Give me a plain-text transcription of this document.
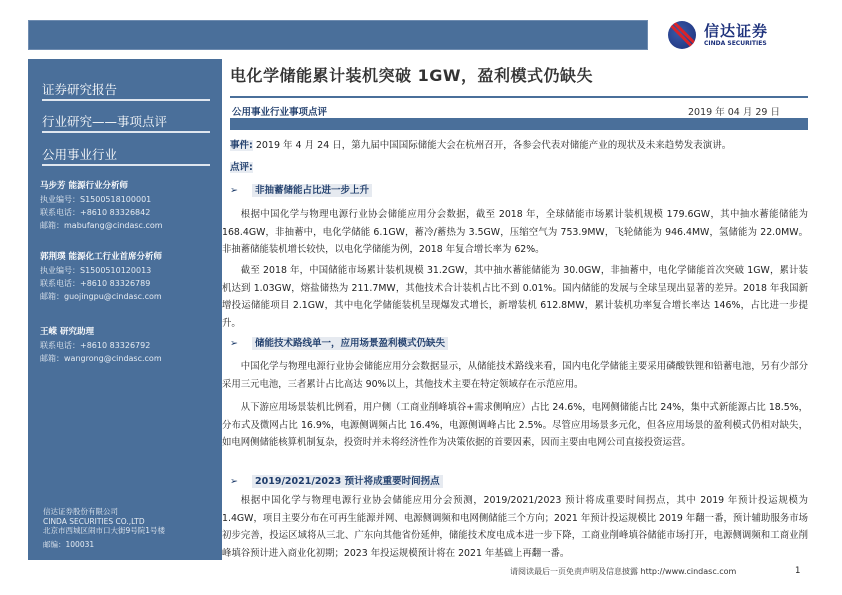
信达证券
CINDA SECURITIES
证券研究报告
行业研究——事项点评
公用事业行业
马步芳 能源行业分析师
执业编号：S1500518100001
联系电话：+8610 83326842
邮箱：mabufang@cindasc.com
郭荆璞 能源化工行业首席分析师
执业编号：S1500510120013
联系电话：+8610 83326789
邮箱：guojingpu@cindasc.com
王嵘 研究助理
联系电话：+8610 83326792
邮箱：wangrong@cindasc.com
信达证券股份有限公司
CINDA SECURITIES CO.,LTD
北京市西城区闹市口大街9号院1号楼
邮编：100031
电化学储能累计装机突破 1GW，盈利模式仍缺失
公用事业行业事项点评	2019 年 04 月 29 日
事件: 2019 年 4 月 24 日，第九届中国国际储能大会在杭州召开，各参会代表对储能产业的现状及未来趋势发表演讲。
点评:
➢ 非抽蓄储能占比进一步上升
根据中国化学与物理电源行业协会储能应用分会数据，截至 2018 年，全球储能市场累计装机规模 179.6GW，其中抽水蓄能储能为 168.4GW，非抽蓄中，电化学储能 6.1GW，蓄冷/蓄热为 3.5GW，压缩空气为 753.9MW，飞轮储能为 946.4MW，氢储能为 22.0MW。非抽蓄储能装机增长较快，以电化学储能为例，2018 年复合增长率为 62%。
截至 2018 年，中国储能市场累计装机规模 31.2GW，其中抽水蓄能储能为 30.0GW，非抽蓄中，电化学储能首次突破 1GW，累计装机达到 1.03GW，熔盐储热为 211.7MW，其他技术合计装机占比不到 0.01%。国内储能的发展与全球呈现出显著的差异。2018 年我国新增投运储能项目 2.1GW，其中电化学储能装机呈现爆发式增长，新增装机 612.8MW，累计装机功率复合增长率达 146%，占比进一步提升。
➢ 储能技术路线单一，应用场景盈利模式仍缺失
中国化学与物理电源行业协会储能应用分会数据显示，从储能技术路线来看，国内电化学储能主要采用磷酸铁锂和铅蓄电池，另有少部分采用三元电池，三者累计占比高达 90%以上，其他技术主要在特定领域存在示范应用。
从下游应用场景装机比例看，用户侧（工商业削峰填谷+需求侧响应）占比 24.6%，电网侧储能占比 24%，集中式新能源占比 18.5%，分布式及微网占比 16.9%，电源侧调频占比 16.4%，电源侧调峰占比 2.5%。尽管应用场景多元化，但各应用场景的盈利模式仍相对缺失，如电网侧储能核算机制复杂，投资时并未将经济性作为决策依据的首要因素，因而主要由电网公司直接投资运营。
➢ 2019/2021/2023 预计将成重要时间拐点
根据中国化学与物理电源行业协会储能应用分会预测，2019/2021/2023 预计将成重要时间拐点，其中 2019 年预计投运规模为 1.4GW，项目主要分布在可再生能源并网、电源侧调频和电网侧储能三个方向；2021 年预计投运规模比 2019 年翻一番，预计辅助服务市场初步完善，投运区域将从三北、广东向其他省份延伸，储能技术度电成本进一步下降，工商业削峰填谷储能市场打开，电源侧调频和工商业削峰填谷预计进入商业化初期；2023 年投运规模预计将在 2021 年基础上再翻一番。
请阅读最后一页免责声明及信息披露 http://www.cindasc.com	1
